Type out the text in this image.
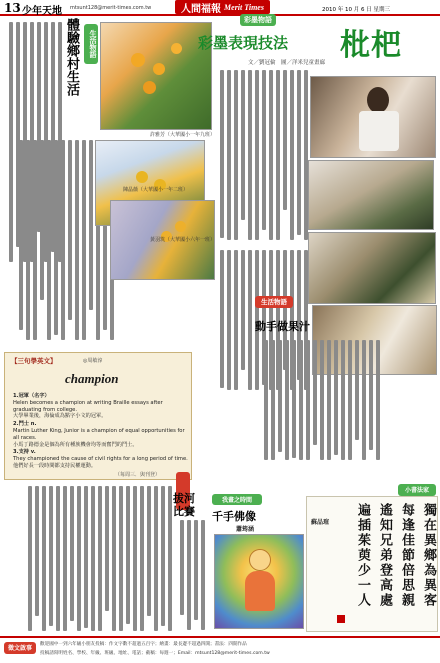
13 少年天地 mtsunt128@merit-times.com.tw	人間福報 Merit Times	2010 年 10 月 6 日 星期三
生活物語
體驗鄉村生活
許雅芳（大華國小一年九班）
陳晶薇（大華國小一年二班）
黃羽筑（大華國小六年一班）
彩墨物語
彩墨表現技法 枇杷
文／劉冠倫　圖／洋米兒童畫廊
生活物語
動手做果汁
【三句學英文】	◎周敏淳
champion
1.冠軍（名字）
Helen becomes a champion at writing Braille essays after graduating from college.
大學畢業後，海倫成為點字小文的冠軍。
2.鬥士 n.
Martin Luther King, Junior is a champion of equal opportunities for all races.
小馬丁路德金是個為所有種族機會均等而奮鬥的鬥士。
3.支持 v.
They championed the cause of civil rights for a long period of time.
他們好長一段時間都支持民權運動。
（每周三．與刊登）
拔河比賽
我畫之時間
千手佛像
蕭筠涵
小書法家
獨在異鄉為異客
每逢佳節倍思親
遙知兄弟登高處
遍插茱萸少一人
蘇品瑄
徵文啟事
歡迎國中一到六年級小朋友投稿：作文字數不超過五百字；繪畫：最長邊不超過四開；書法：四開作品
投稿請寫明姓名、學校、年級、班級、地址、電話；截稿：每週一；Email：mtsunt128@merit-times.com.tw
